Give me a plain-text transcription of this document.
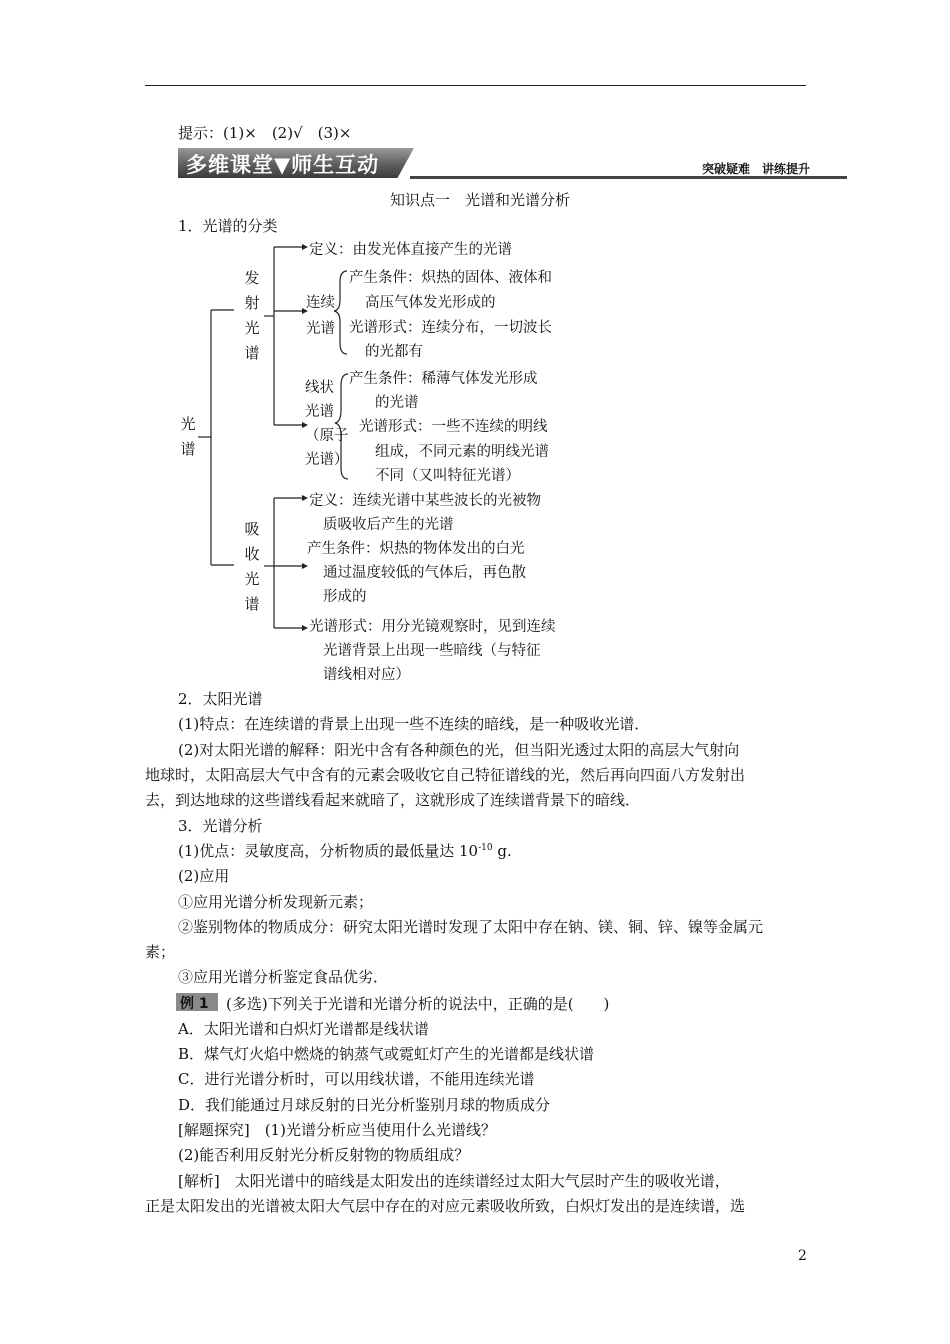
提示：(1)×　(2)√　(3)×
多维课堂▼师生互动	突破疑难　讲练提升
知识点一　光谱和光谱分析
1．光谱的分类
光谱
发射光谱
吸收光谱
定义：由发光体直接产生的光谱
连续
光谱
产生条件：炽热的固体、液体和
高压气体发光形成的
光谱形式：连续分布，一切波长
的光都有
线状
光谱
（原子
光谱）
产生条件：稀薄气体发光形成
的光谱
光谱形式：一些不连续的明线
组成，不同元素的明线光谱
不同（又叫特征光谱）
定义：连续光谱中某些波长的光被物
质吸收后产生的光谱
产生条件：炽热的物体发出的白光
通过温度较低的气体后，再色散
形成的
光谱形式：用分光镜观察时，见到连续
光谱背景上出现一些暗线（与特征
谱线相对应）
2．太阳光谱
(1)特点：在连续谱的背景上出现一些不连续的暗线，是一种吸收光谱．
(2)对太阳光谱的解释：阳光中含有各种颜色的光，但当阳光透过太阳的高层大气射向
地球时，太阳高层大气中含有的元素会吸收它自己特征谱线的光，然后再向四面八方发射出
去，到达地球的这些谱线看起来就暗了，这就形成了连续谱背景下的暗线．
3．光谱分析
(1)优点：灵敏度高，分析物质的最低量达 $10^{-10}$ g.
(2)应用
①应用光谱分析发现新元素；
②鉴别物体的物质成分：研究太阳光谱时发现了太阳中存在钠、镁、铜、锌、镍等金属元
素；
③应用光谱分析鉴定食品优劣．
例 1	(多选)下列关于光谱和光谱分析的说法中，正确的是(　　)
A．太阳光谱和白炽灯光谱都是线状谱
B．煤气灯火焰中燃烧的钠蒸气或霓虹灯产生的光谱都是线状谱
C．进行光谱分析时，可以用线状谱，不能用连续光谱
D．我们能通过月球反射的日光分析鉴别月球的物质成分
[解题探究]　(1)光谱分析应当使用什么光谱线？
(2)能否利用反射光分析反射物的物质组成？
[解析]　太阳光谱中的暗线是太阳发出的连续谱经过太阳大气层时产生的吸收光谱，
正是太阳发出的光谱被太阳大气层中存在的对应元素吸收所致，白炽灯发出的是连续谱，选
2
